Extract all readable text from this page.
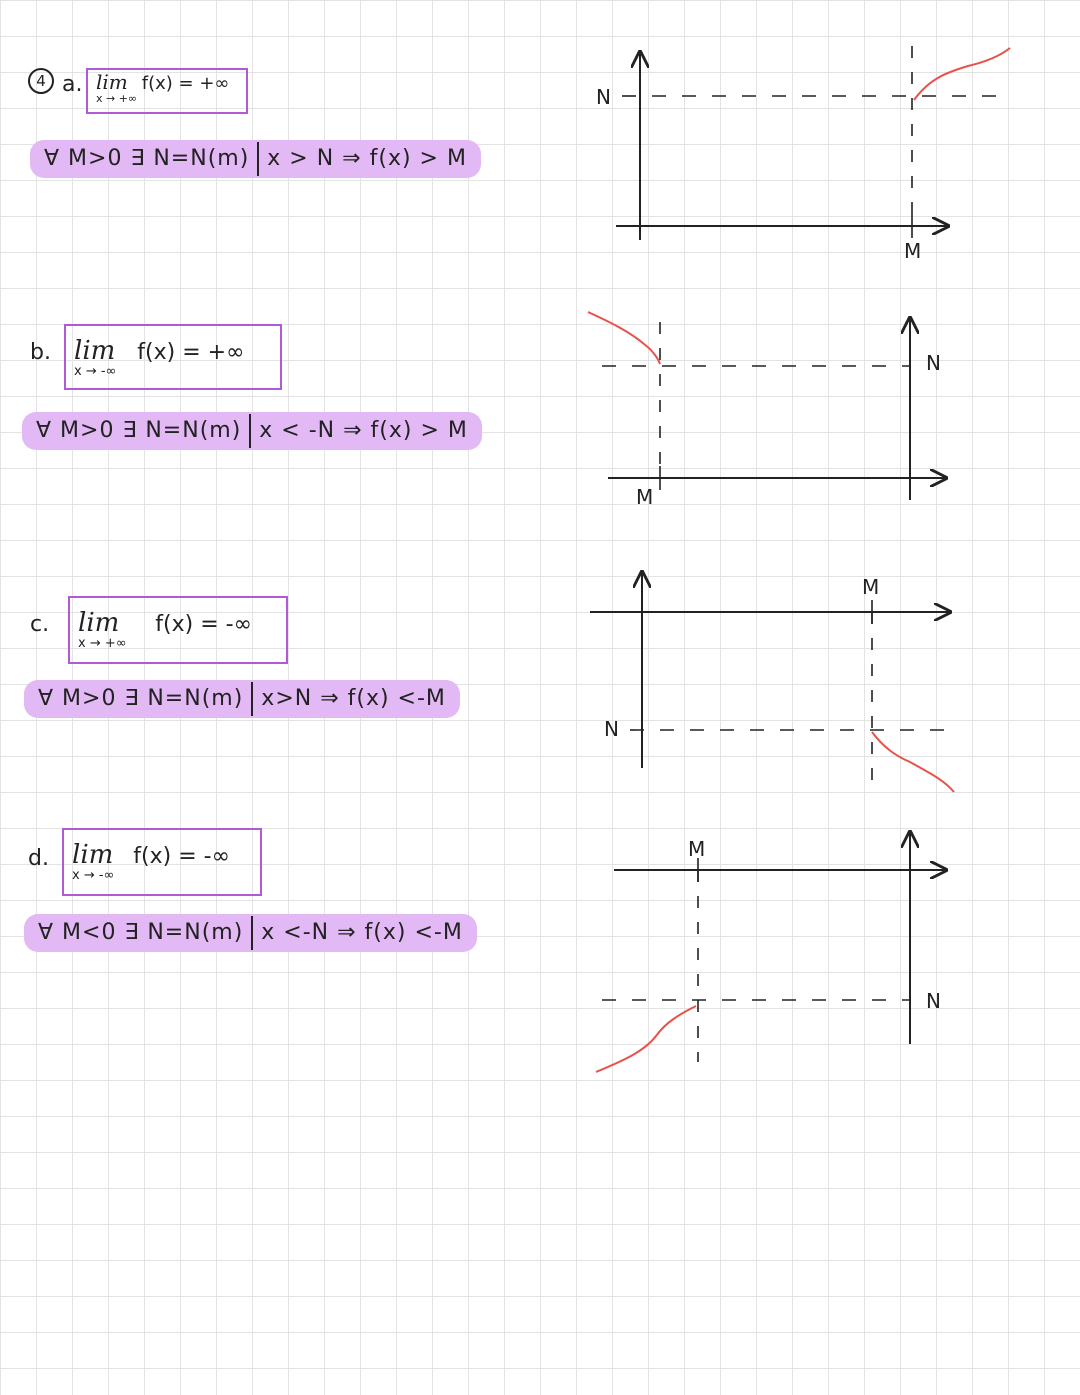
4 a. lim f(x) = +∞
x → +∞
∀ M>0 ∃ N=N(m) x > N ⇒ f(x) > M
b. lim f(x) = +∞
x → -∞
∀ M>0 ∃ N=N(m) x < -N ⇒ f(x) > M
c. lim f(x) = -∞
x → +∞
∀ M>0 ∃ N=N(m) x>N ⇒ f(x) <-M
d. lim f(x) = -∞
x → -∞
∀ M<0 ∃ N=N(m) x <-N ⇒ f(x) <-M
N
M
N
M
N
M
N
M
